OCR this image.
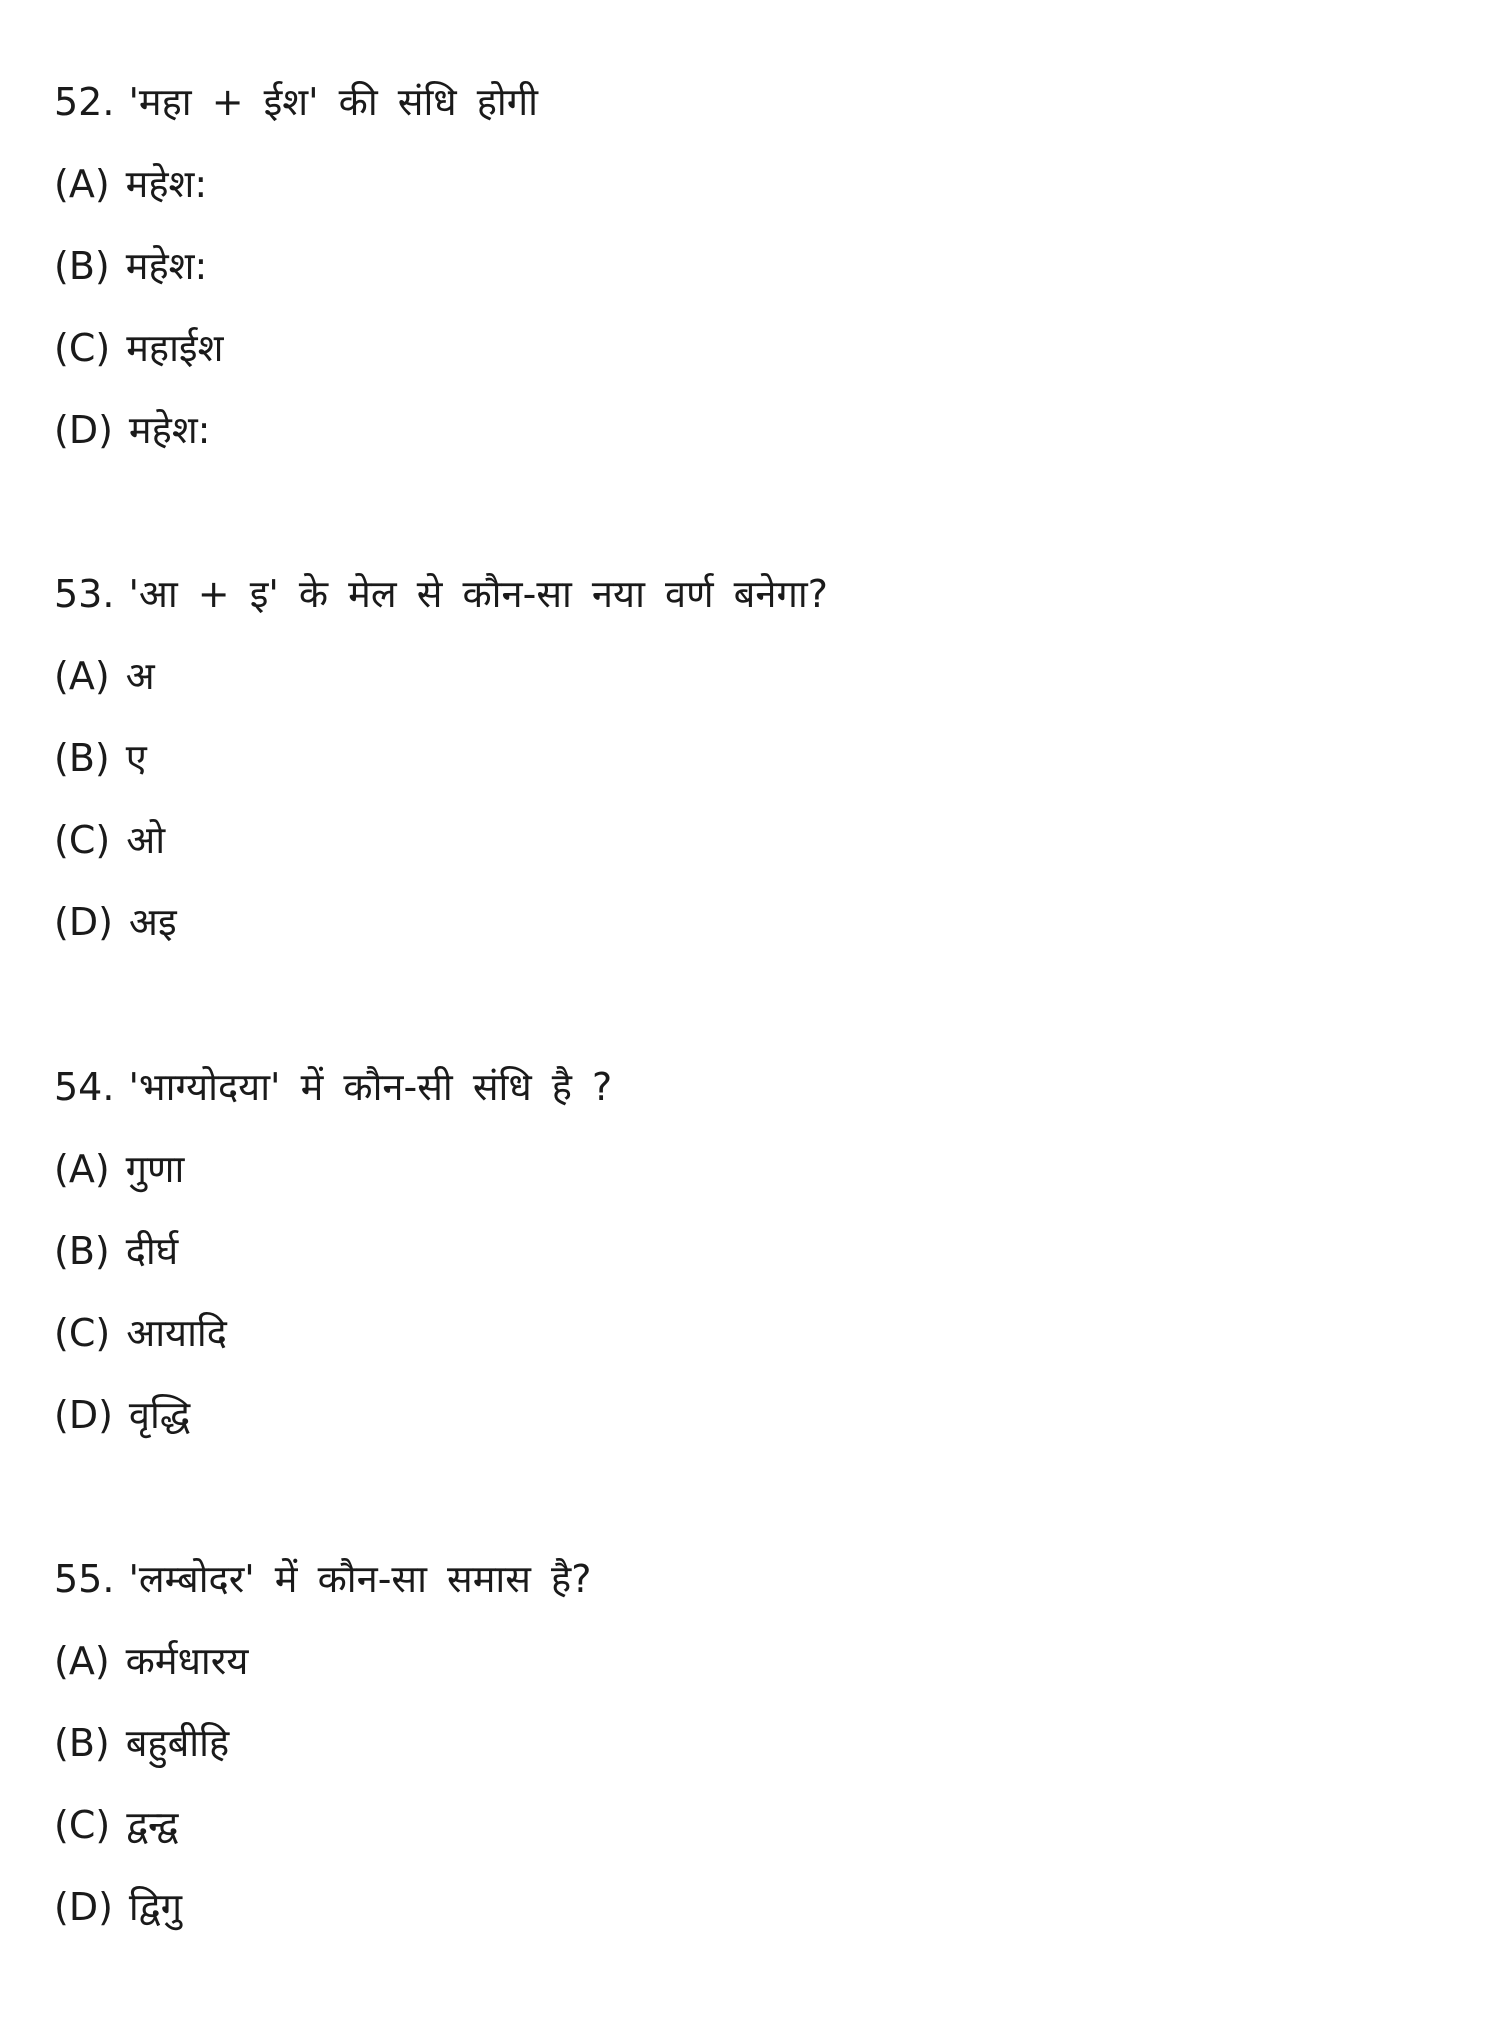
52. 'महा + ईश' की संधि होगी
(A) महेश:
(B) महेश:
(C) महाईश
(D) महेश:
53. 'आ + इ' के मेल से कौन-सा नया वर्ण बनेगा?
(A) अ
(B) ए
(C) ओ
(D) अइ
54. 'भाग्योदया' में कौन-सी संधि है ?
(A) गुणा
(B) दीर्घ
(C) आयादि
(D) वृद्धि
55. 'लम्बोदर' में कौन-सा समास है?
(A) कर्मधारय
(B) बहुबीहि
(C) द्वन्द्व
(D) द्विगु
